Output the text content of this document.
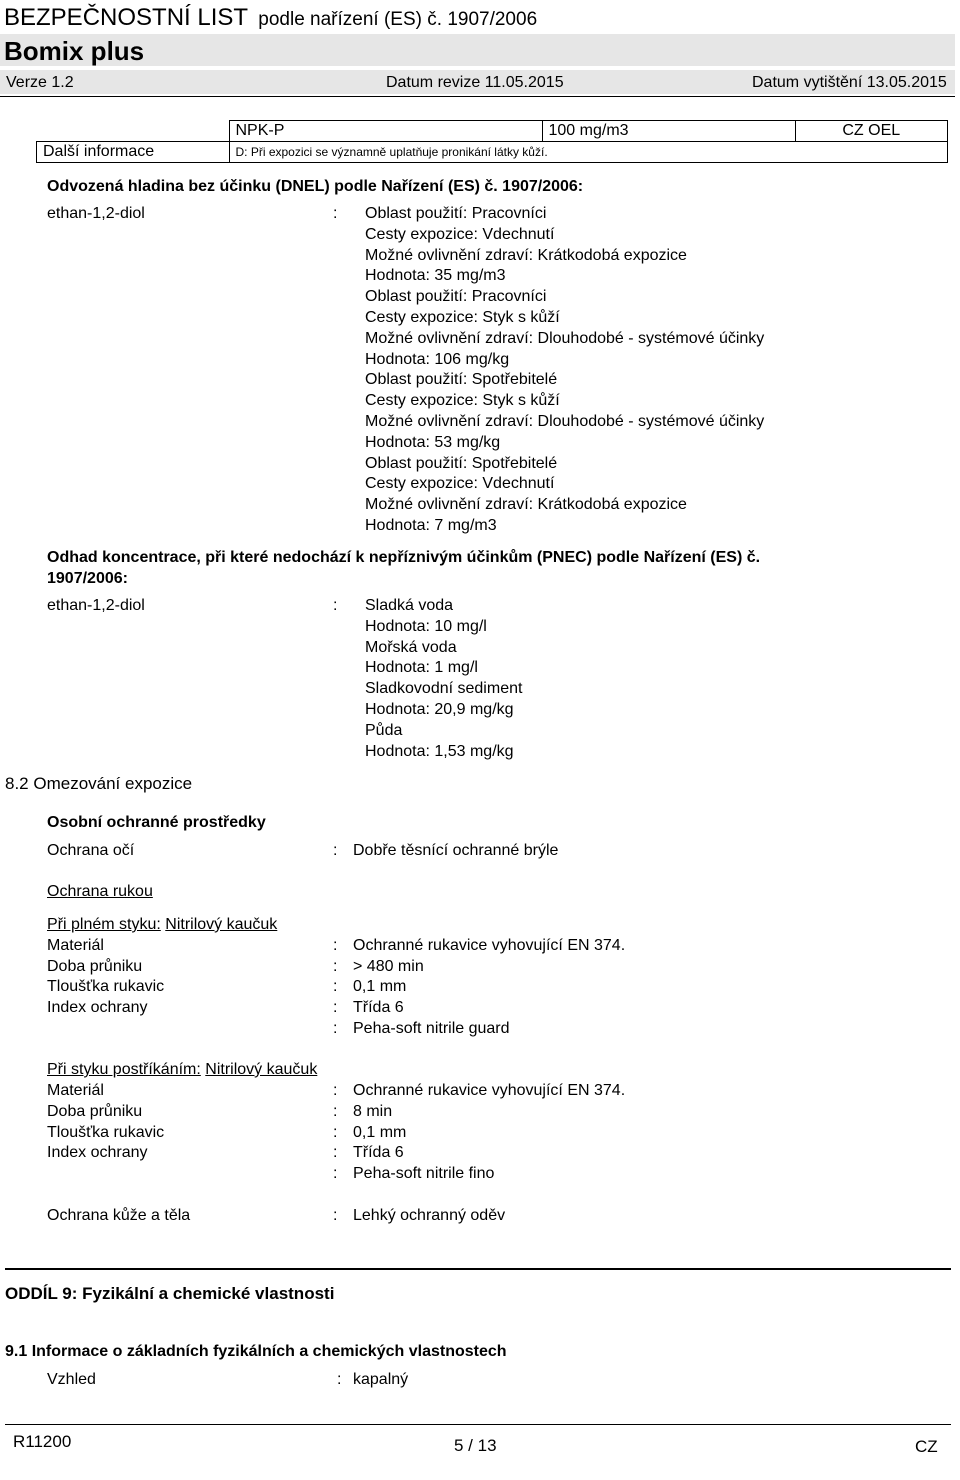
BEZPEČNOSTNÍ LIST podle nařízení (ES) č. 1907/2006
Bomix plus
Verze 1.2	Datum revize 11.05.2015	Datum vytištění 13.05.2015
	NPK-P	100 mg/m3	CZ OEL
Další informace	D: Při expozici se významně uplatňuje pronikání látky kůží.		
Odvozená hladina bez účinku (DNEL) podle Nařízení (ES) č. 1907/2006:
ethan-1,2-diol	: Oblast použití: Pracovníci
Cesty expozice: Vdechnutí
Možné ovlivnění zdraví: Krátkodobá expozice
Hodnota: 35 mg/m3
Oblast použití: Pracovníci
Cesty expozice: Styk s kůží
Možné ovlivnění zdraví: Dlouhodobé - systémové účinky
Hodnota: 106 mg/kg
Oblast použití: Spotřebitelé
Cesty expozice: Styk s kůží
Možné ovlivnění zdraví: Dlouhodobé - systémové účinky
Hodnota: 53 mg/kg
Oblast použití: Spotřebitelé
Cesty expozice: Vdechnutí
Možné ovlivnění zdraví: Krátkodobá expozice
Hodnota: 7 mg/m3
Odhad koncentrace, při které nedochází k nepříznivým účinkům (PNEC) podle Nařízení (ES) č.
1907/2006:
ethan-1,2-diol	: Sladká voda
Hodnota: 10 mg/l
Mořská voda
Hodnota: 1 mg/l
Sladkovodní sediment
Hodnota: 20,9 mg/kg
Půda
Hodnota: 1,53 mg/kg
8.2 Omezování expozice
Osobní ochranné prostředky
Ochrana očí	: Dobře těsnící ochranné brýle
Ochrana rukou
Při plném styku: Nitrilový kaučuk
Materiál	: Ochranné rukavice vyhovující EN 374.
Doba průniku	: > 480 min
Tloušťka rukavic	: 0,1 mm
Index ochrany	: Třída 6
: Peha-soft nitrile guard
Při styku postříkáním: Nitrilový kaučuk
Materiál	: Ochranné rukavice vyhovující EN 374.
Doba průniku	: 8 min
Tloušťka rukavic	: 0,1 mm
Index ochrany	: Třída 6
: Peha-soft nitrile fino
Ochrana kůže a těla	: Lehký ochranný oděv
ODDÍL 9: Fyzikální a chemické vlastnosti
9.1 Informace o základních fyzikálních a chemických vlastnostech
Vzhled	: kapalný
R11200	5 / 13	CZ
